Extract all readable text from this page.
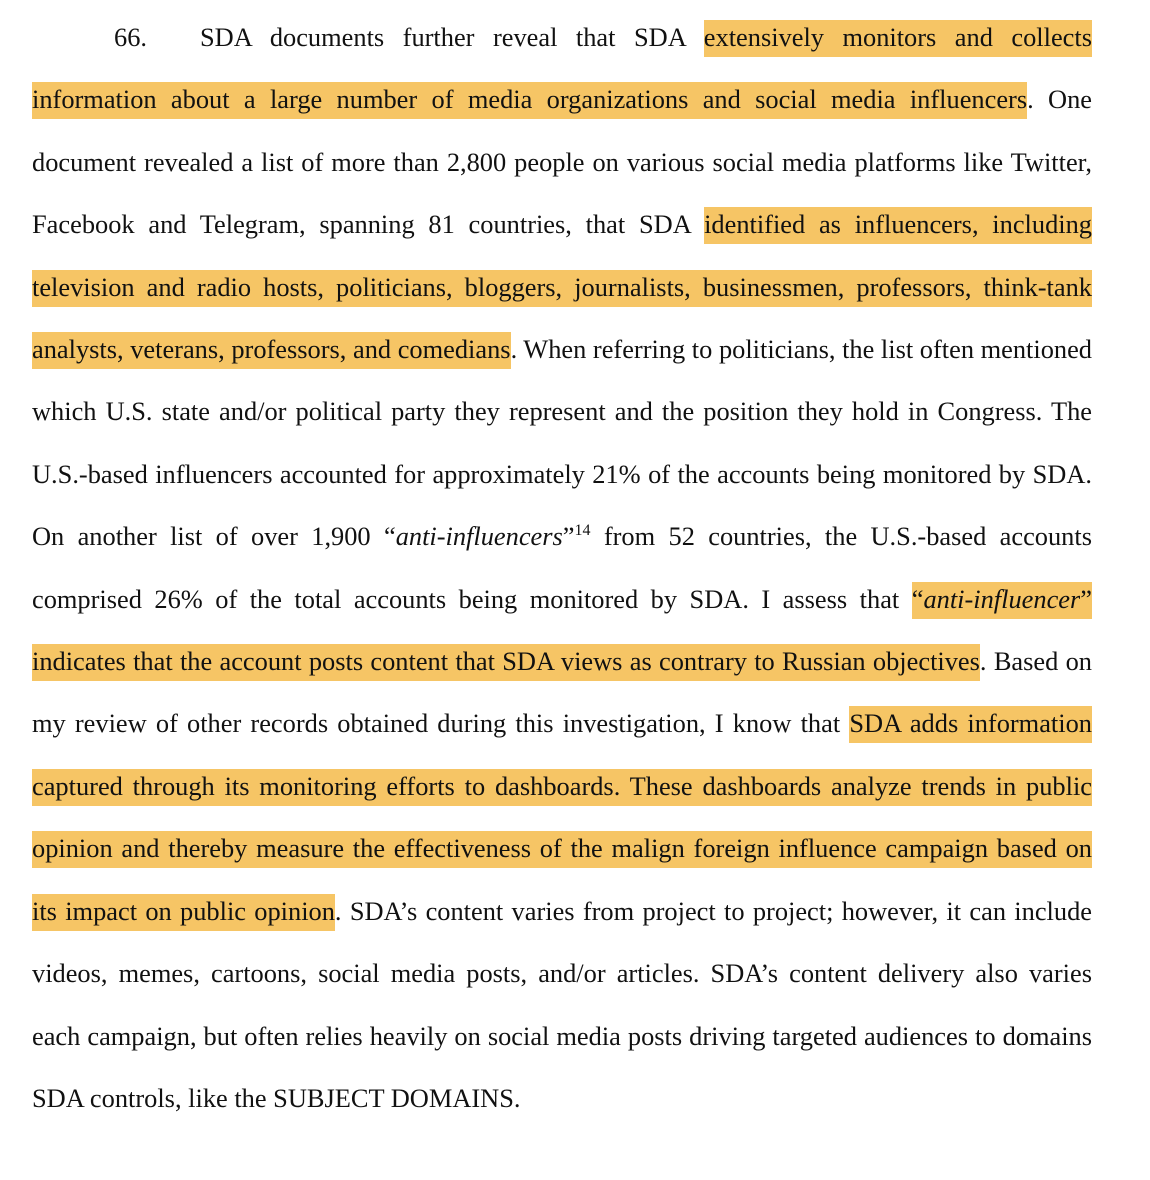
66. SDA documents further reveal that SDA extensively monitors and collects information about a large number of media organizations and social media influencers. One document revealed a list of more than 2,800 people on various social media platforms like Twitter, Facebook and Telegram, spanning 81 countries, that SDA identified as influencers, including television and radio hosts, politicians, bloggers, journalists, businessmen, professors, think-tank analysts, veterans, professors, and comedians. When referring to politicians, the list often mentioned which U.S. state and/or political party they represent and the position they hold in Congress. The U.S.-based influencers accounted for approximately 21% of the accounts being monitored by SDA. On another list of over 1,900 “anti-influencers”$^{14}$ from 52 countries, the U.S.-based accounts comprised 26% of the total accounts being monitored by SDA. I assess that “anti-influencer” indicates that the account posts content that SDA views as contrary to Russian objectives. Based on my review of other records obtained during this investigation, I know that SDA adds information captured through its monitoring efforts to dashboards. These dashboards analyze trends in public opinion and thereby measure the effectiveness of the malign foreign influence campaign based on its impact on public opinion. SDA’s content varies from project to project; however, it can include videos, memes, cartoons, social media posts, and/or articles. SDA’s content delivery also varies each campaign, but often relies heavily on social media posts driving targeted audiences to domains SDA controls, like the SUBJECT DOMAINS.
